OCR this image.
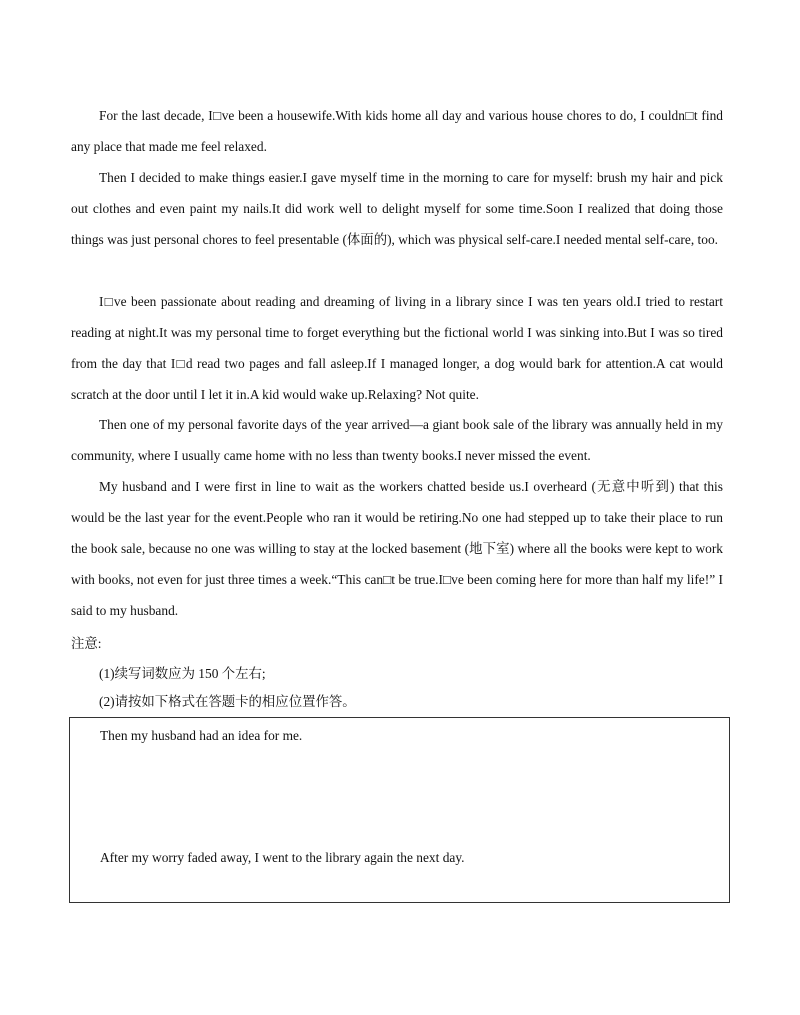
For the last decade, I□ve been a housewife.With kids home all day and various house chores to do, I couldn□t find any place that made me feel relaxed.

Then I decided to make things easier.I gave myself time in the morning to care for myself: brush my hair and pick out clothes and even paint my nails.It did work well to delight myself for some time.Soon I realized that doing those things was just personal chores to feel presentable (体面的), which was physical self-care.I needed mental self-care, too.

I□ve been passionate about reading and dreaming of living in a library since I was ten years old.I tried to restart reading at night.It was my personal time to forget everything but the fictional world I was sinking into.But I was so tired from the day that I□d read two pages and fall asleep.If I managed longer, a dog would bark for attention.A cat would scratch at the door until I let it in.A kid would wake up.Relaxing? Not quite.

Then one of my personal favorite days of the year arrived—a giant book sale of the library was annually held in my community, where I usually came home with no less than twenty books.I never missed the event.

My husband and I were first in line to wait as the workers chatted beside us.I overheard (无意中听到) that this would be the last year for the event.People who ran it would be retiring.No one had stepped up to take their place to run the book sale, because no one was willing to stay at the locked basement (地下室) where all the books were kept to work with books, not even for just three times a week.“This can□t be true.I□ve been coming here for more than half my life!” I said to my husband.

注意:

(1)续写词数应为 150 个左右;

(2)请按如下格式在答题卡的相应位置作答。

Then my husband had an idea for me.
After my worry faded away, I went to the library again the next day.
